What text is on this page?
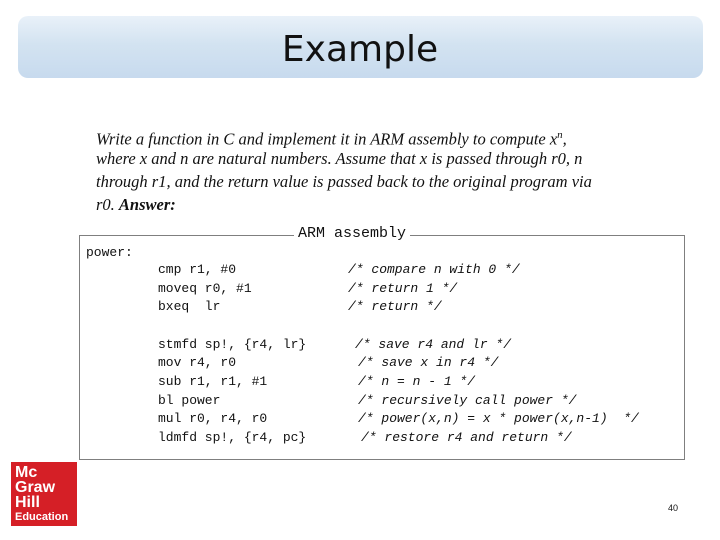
Example
Write a function in C and implement it in ARM assembly to compute $x^n$,
where x and n are natural numbers. Assume that x is passed through r0, n
through r1, and the return value is passed back to the original program via
r0. Answer:
ARM assembly
power:
cmp r1, #0
moveq r0, #1
bxeq  lr
/* compare n with 0 */
/* return 1 */
/* return */
stmfd sp!, {r4, lr}
mov r4, r0
sub r1, r1, #1
bl power
mul r0, r4, r0
ldmfd sp!, {r4, pc}
/* save r4 and lr */
/* save x in r4 */
/* n = n - 1 */
/* recursively call power */
/* power(x,n) = x * power(x,n-1)  */
/* restore r4 and return */
Mc
Graw
Hill
Education
40
